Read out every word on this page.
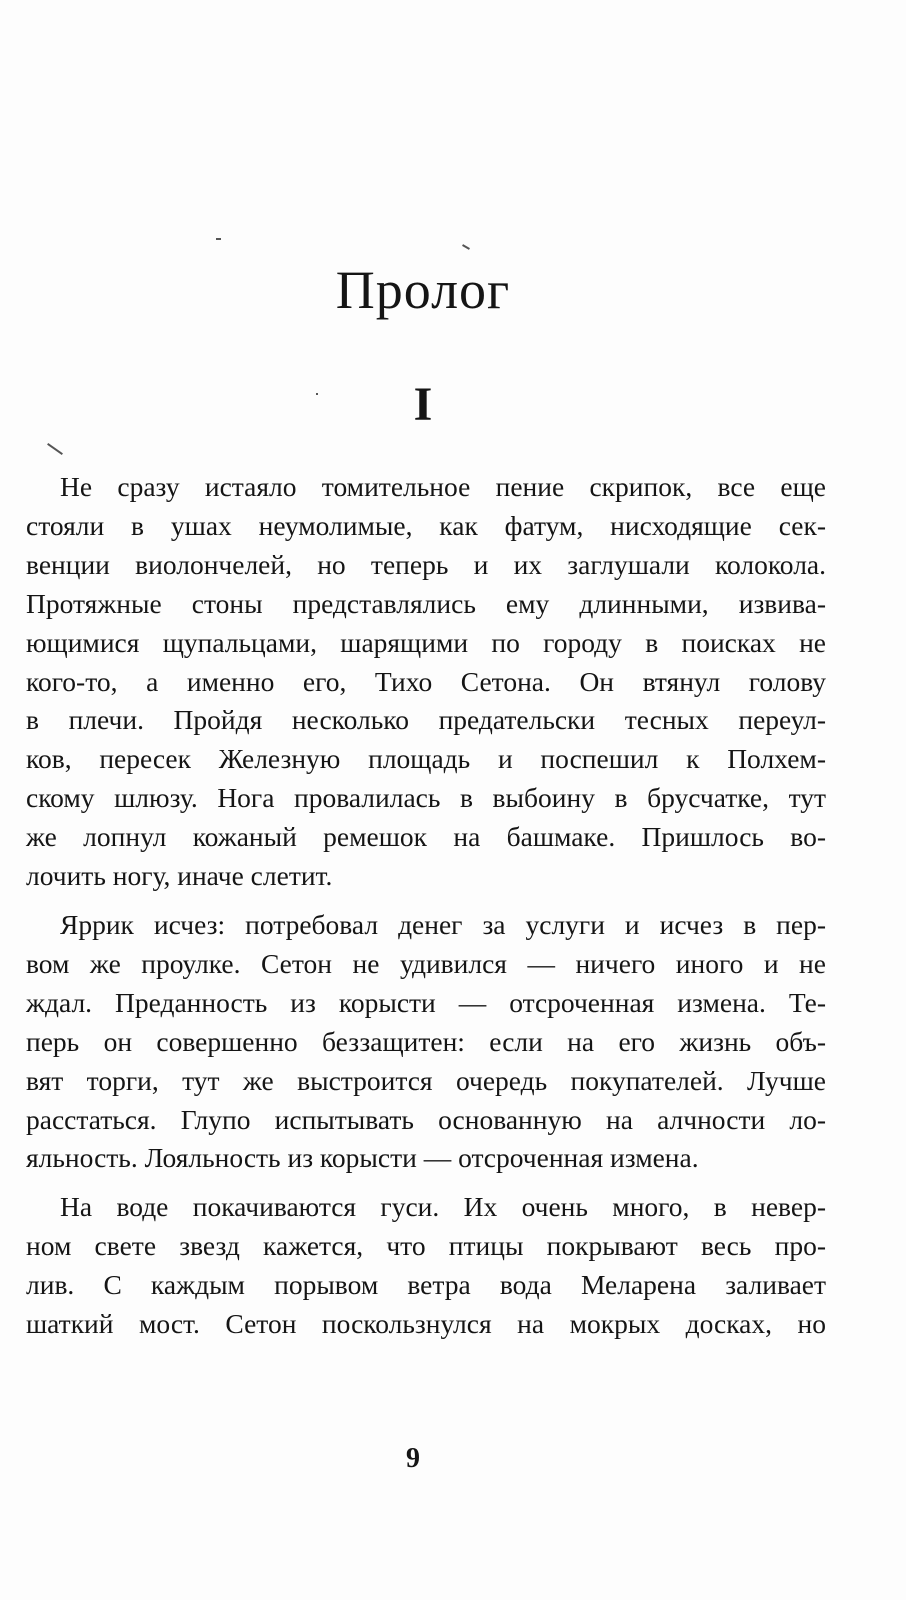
Пролог
I

Не сразу истаяло томительное пение скрипок, все еще
стояли в ушах неумолимые, как фатум, нисходящие сек-
венции виолончелей, но теперь и их заглушали колокола.
Протяжные стоны представлялись ему длинными, извива-
ющимися щупальцами, шарящими по городу в поисках не
кого-то, а именно его, Тихо Сетона. Он втянул голову
в плечи. Пройдя несколько предательски тесных переул-
ков, пересек Железную площадь и поспешил к Полхем-
скому шлюзу. Нога провалилась в выбоину в брусчатке, тут
же лопнул кожаный ремешок на башмаке. Пришлось во-
лочить ногу, иначе слетит.

Яррик исчез: потребовал денег за услуги и исчез в пер-
вом же проулке. Сетон не удивился — ничего иного и не
ждал. Преданность из корысти — отсроченная измена. Те-
перь он совершенно беззащитен: если на его жизнь объ-
вят торги, тут же выстроится очередь покупателей. Лучше
расстаться. Глупо испытывать основанную на алчности ло-
яльность. Лояльность из корысти — отсроченная измена.

На воде покачиваются гуси. Их очень много, в невер-
ном свете звезд кажется, что птицы покрывают весь про-
лив. С каждым порывом ветра вода Меларена заливает
шаткий мост. Сетон поскользнулся на мокрых досках, но

9
